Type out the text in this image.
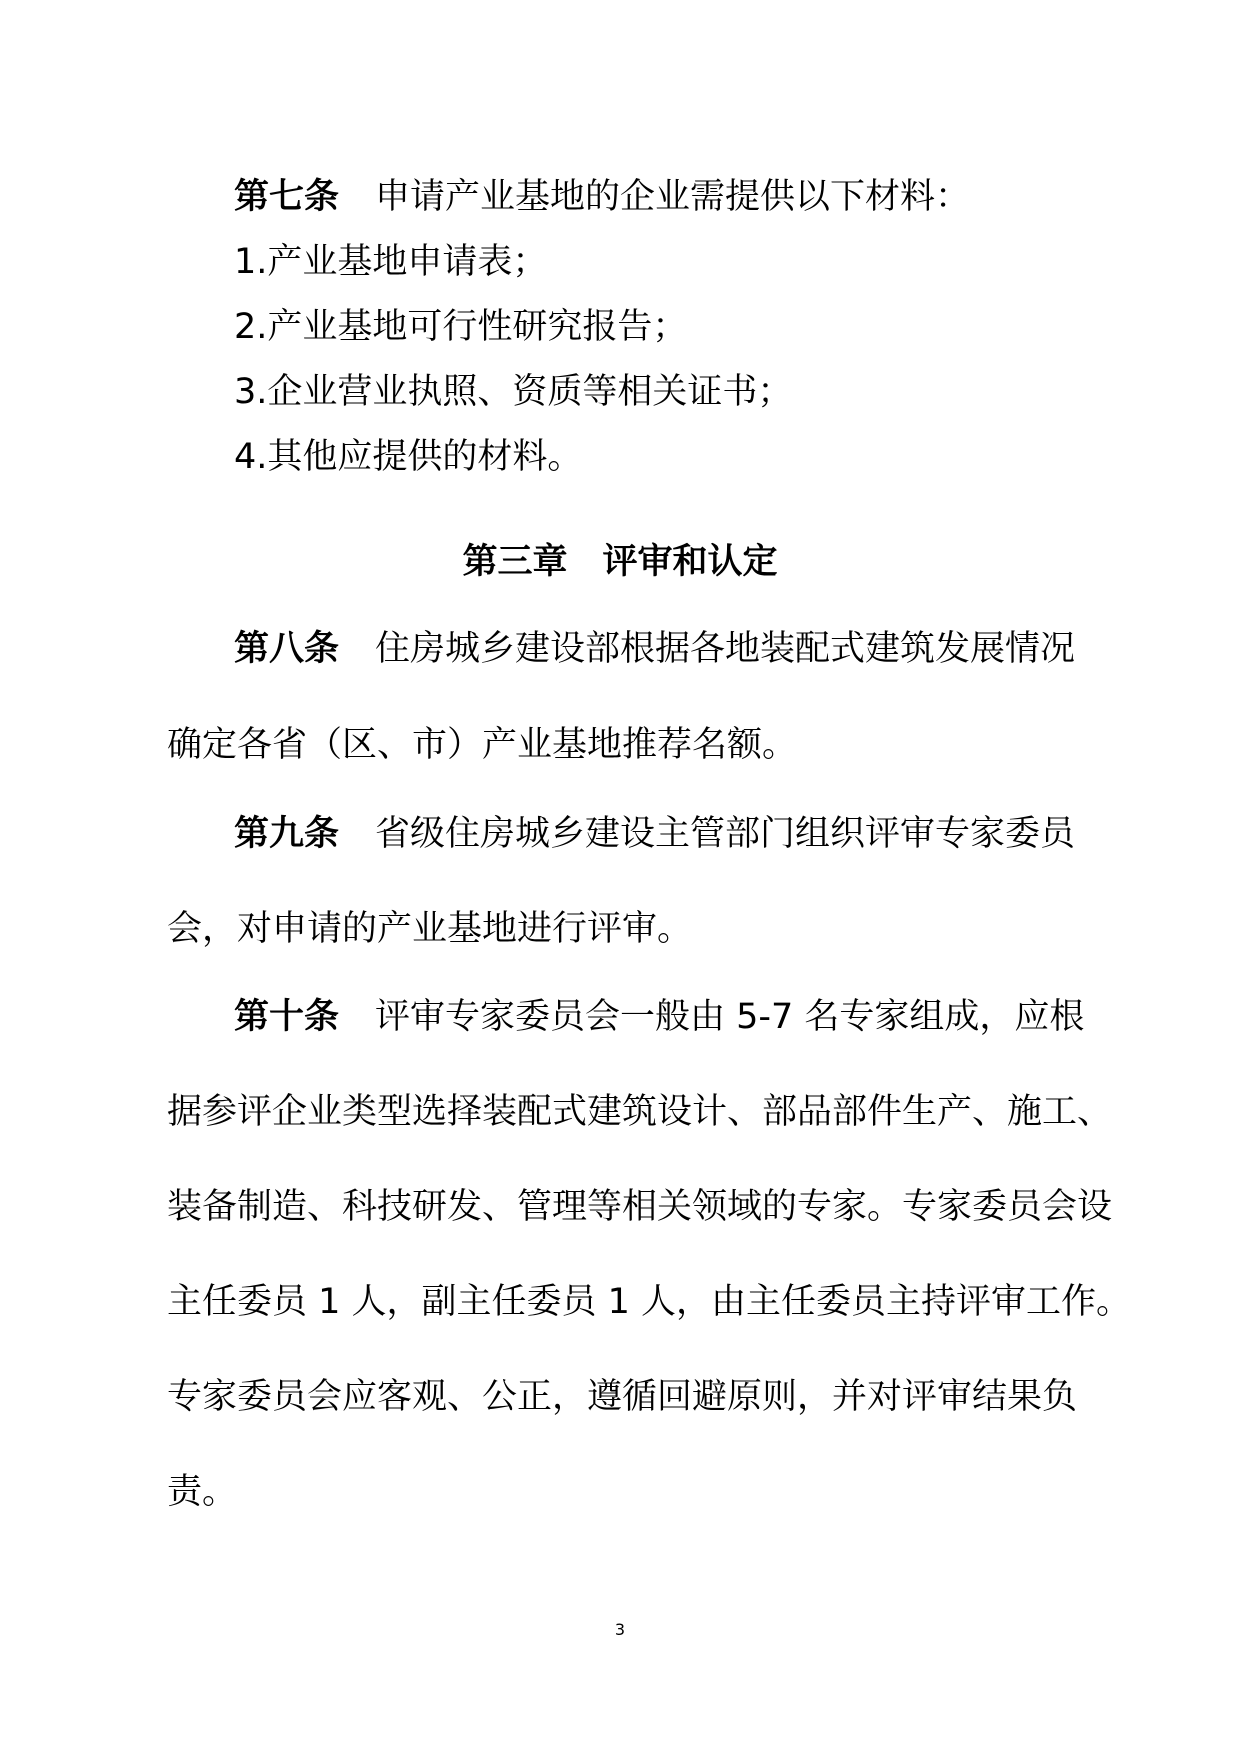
第七条 申请产业基地的企业需提供以下材料：
1.产业基地申请表；
2.产业基地可行性研究报告；
3.企业营业执照、资质等相关证书；
4.其他应提供的材料。
第三章　评审和认定
第八条 住房城乡建设部根据各地装配式建筑发展情况
确定各省（区、市）产业基地推荐名额。
第九条 省级住房城乡建设主管部门组织评审专家委员
会，对申请的产业基地进行评审。
第十条 评审专家委员会一般由 5-7 名专家组成，应根
据参评企业类型选择装配式建筑设计、部品部件生产、施工、
装备制造、科技研发、管理等相关领域的专家。专家委员会设
主任委员 1 人，副主任委员 1 人，由主任委员主持评审工作。
专家委员会应客观、公正，遵循回避原则，并对评审结果负
责。
3
